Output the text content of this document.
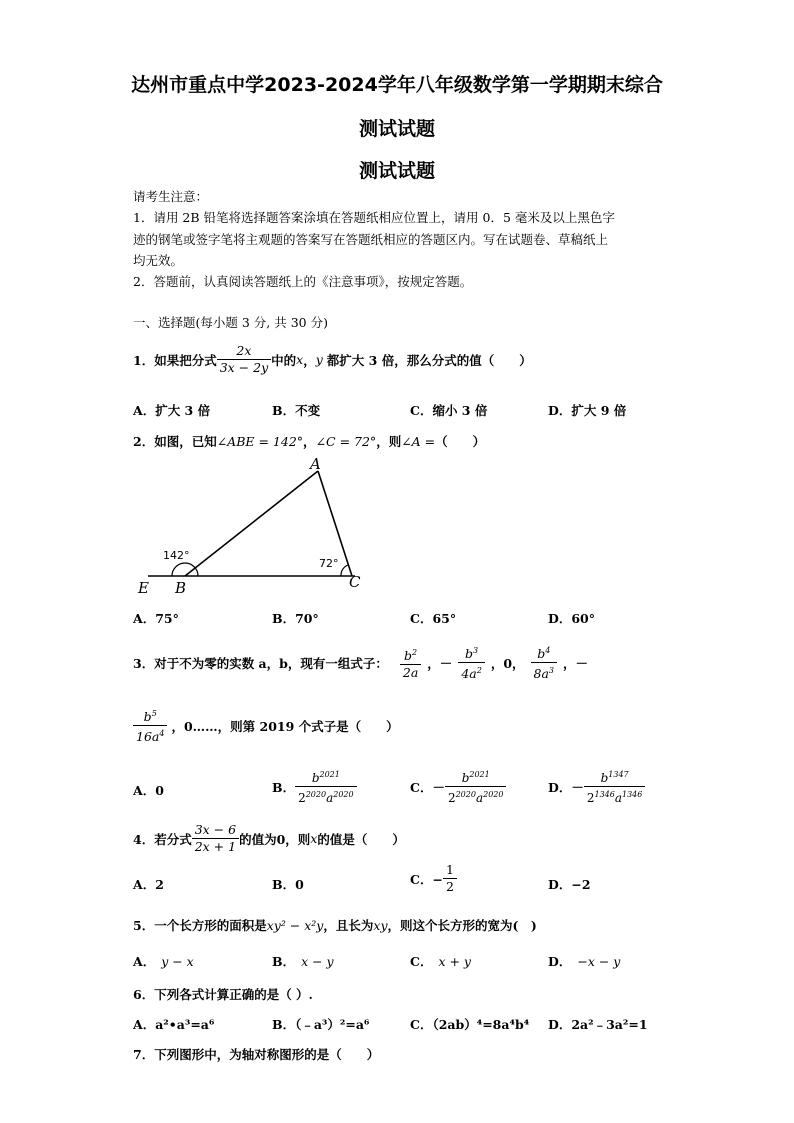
达州市重点中学2023-2024学年八年级数学第一学期期末综合
测试试题
测试试题
请考生注意：
1．请用 2B 铅笔将选择题答案涂填在答题纸相应位置上，请用 0．5 毫米及以上黑色字
迹的钢笔或签字笔将主观题的答案写在答题纸相应的答题区内。写在试题卷、草稿纸上
均无效。
2．答题前，认真阅读答题纸上的《注意事项》，按规定答题。
一、选择题(每小题 3 分, 共 30 分)
1．如果把分式 $\frac{2x}{3x - 2y}$ 中的 x ， y 都扩大 3 倍，那么分式的值（　　）
A．扩大 3 倍	B．不变	C．缩小 3 倍	D．扩大 9 倍
2．如图，已知∠ABE = 142°，∠C = 72°，则∠A =（　　）
A
B	C
E
142°
72°
A．75°	B．70°	C．65°	D．60°
3．对于不为零的实数 a，b，现有一组式子： $\frac{b^2}{2a}$ ，－ $\frac{b^3}{4a^2}$ ，0， $\frac{b^4}{8a^3}$ ，－
$\frac{b^5}{16a^4}$ ，0……，则第 2019 个式子是（　　）
A．0	B． $\frac{b^{2021}}{2^{2020}a^{2020}}$	C．－ $\frac{b^{2021}}{2^{2020}a^{2020}}$	D．－ $\frac{b^{1347}}{2^{1346}a^{1346}}$
4．若分式 $\frac{3x - 6}{2x + 1}$ 的值为0，则 x 的值是（　　）
A．2	B．0	C．− $\frac{1}{2}$	D．−2
5．一个长方形的面积是xy² − x²y，且长为xy，则这个长方形的宽为(　)
A． y − x	B． x − y	C． x + y	D． −x − y
6．下列各式计算正确的是（ ）.
A．a²•a³=a⁶	B．（﹣a³）²=a⁶	C．（2ab）⁴=8a⁴b⁴ D．2a²﹣3a²=1
7．下列图形中，为轴对称图形的是（　　）
